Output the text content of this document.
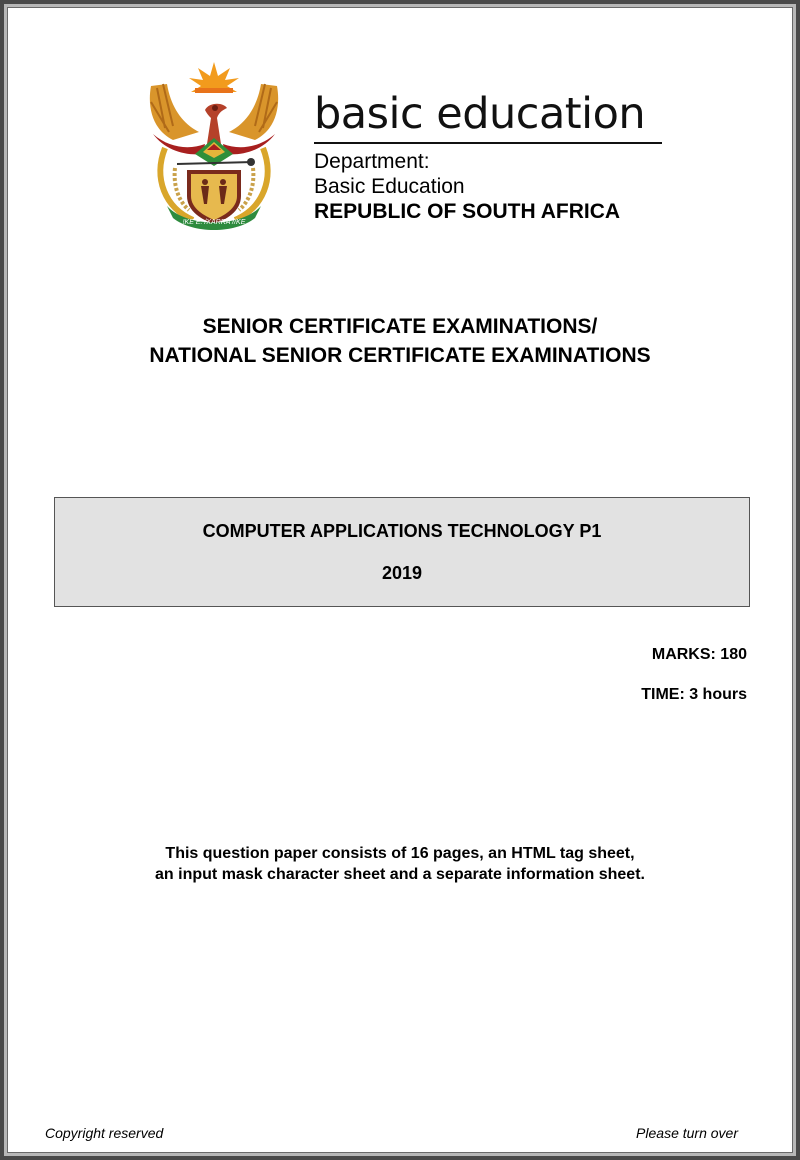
!KE E: /XARRA //KE
basic education
Department:
Basic Education
REPUBLIC OF SOUTH AFRICA
SENIOR CERTIFICATE EXAMINATIONS/
NATIONAL SENIOR CERTIFICATE EXAMINATIONS
COMPUTER APPLICATIONS TECHNOLOGY P1
2019
MARKS: 180
TIME: 3 hours
This question paper consists of 16 pages, an HTML tag sheet,
an input mask character sheet and a separate information sheet.
Copyright reserved	Please turn over
